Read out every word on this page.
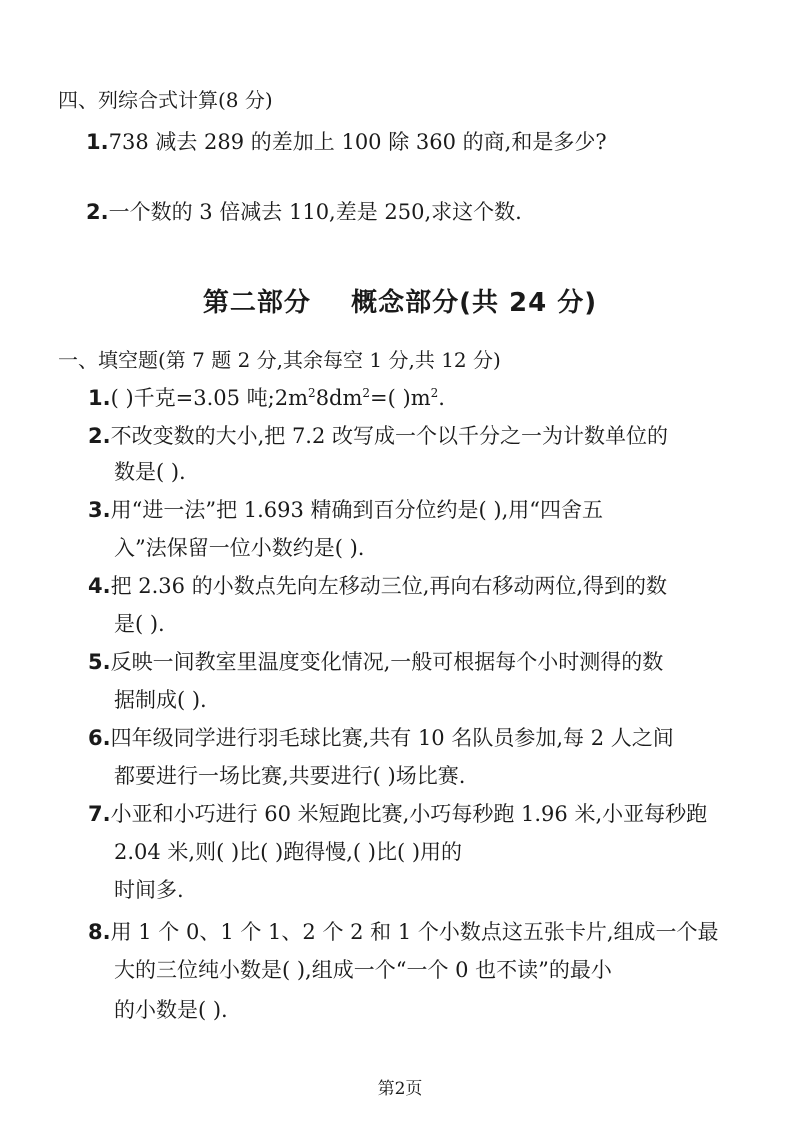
四、列综合式计算(8 分)
1.738 减去 289 的差加上 100 除 360 的商,和是多少?
2.一个数的 3 倍减去 110,差是 250,求这个数.
第二部分    概念部分(共 24 分)
一、填空题(第 7 题 2 分,其余每空 1 分,共 12 分)
1.( )千克=3.05 吨$;2m^28dm^2=$( )$m^2$.
2.不改变数的大小,把 7.2 改写成一个以千分之一为计数单位的
数是( ).
3.用“进一法”把 1.693 精确到百分位约是( ),用“四舍五
入”法保留一位小数约是( ).
4.把 2.36 的小数点先向左移动三位,再向右移动两位,得到的数
是( ).
5.反映一间教室里温度变化情况,一般可根据每个小时测得的数
据制成( ).
6.四年级同学进行羽毛球比赛,共有 10 名队员参加,每 2 人之间
都要进行一场比赛,共要进行( )场比赛.
7.小亚和小巧进行 60 米短跑比赛,小巧每秒跑 1.96 米,小亚每秒跑
2.04 米,则( )比( )跑得慢,( )比( )用的
时间多.
8.用 1 个 0、1 个 1、2 个 2 和 1 个小数点这五张卡片,组成一个最
大的三位纯小数是( ),组成一个“一个 0 也不读”的最小
的小数是( ).
第2页
